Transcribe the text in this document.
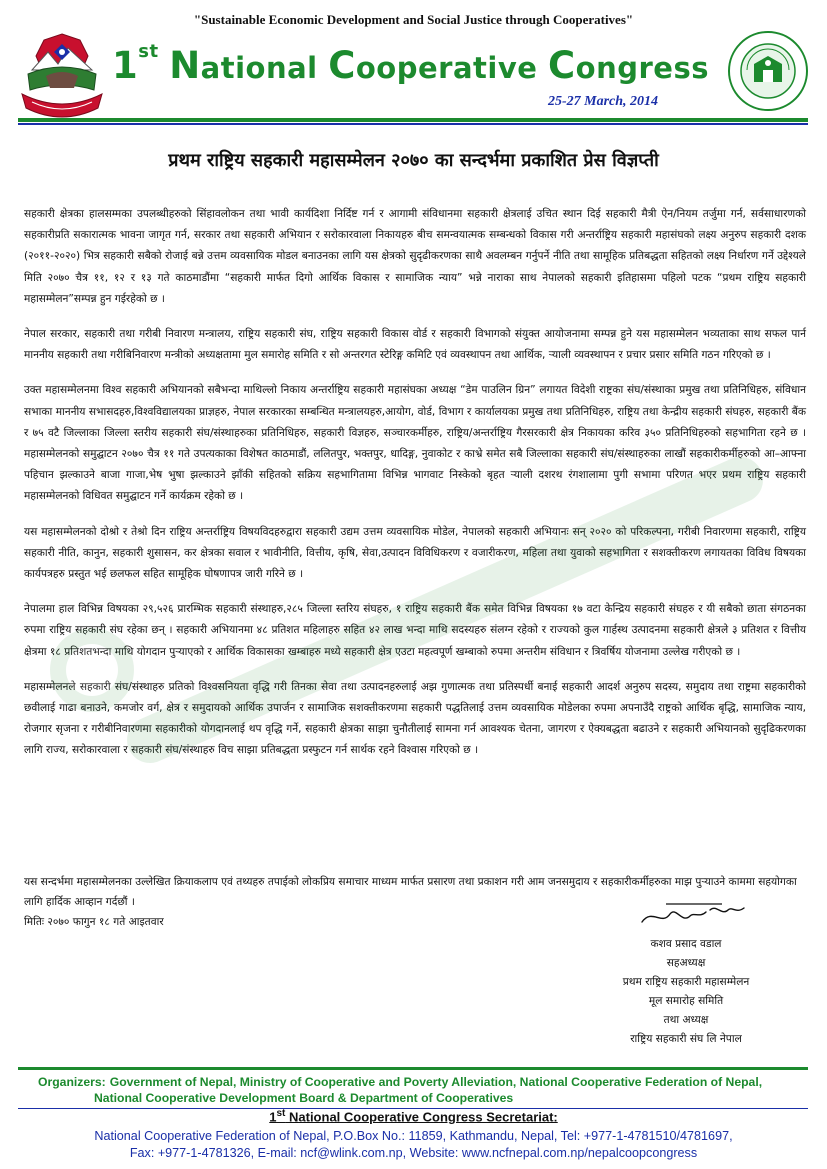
"Sustainable Economic Development and Social Justice through Cooperatives"
1st National Cooperative Congress
25-27 March, 2014
प्रथम राष्ट्रिय सहकारी महासम्मेलन २०७० का सन्दर्भमा प्रकाशित प्रेस विज्ञप्ती

सहकारी क्षेत्रका हालसम्मका उपलब्धीहरुको सिंहावलोकन तथा भावी कार्यदिशा निर्दिष्ट गर्न र आगामी संविधानमा सहकारी क्षेत्रलाई उचित स्थान दिई सहकारी मैत्री ऐन/नियम तर्जुमा गर्न, सर्वसाधारणको सहकारीप्रति सकारात्मक भावना जागृत गर्न, सरकार तथा सहकारी अभियान र सरोकारवाला निकायहरु बीच समन्वयात्मक सम्बन्धको विकास गरी अन्तर्राष्ट्रिय सहकारी महासंघको लक्ष्य अनुरुप सहकारी दशक (२०११-२०२०) भित्र सहकारी सबैको रोजाई बन्ने उत्तम व्यवसायिक मोडल बनाउनका लागि यस क्षेत्रको सुदृढीकरणका साथै अवलम्बन गर्नुपर्ने नीति तथा सामूहिक प्रतिबद्धता सहितको लक्ष्य निर्धारण गर्ने उद्देश्यले मिति २०७० चैत्र ११, १२ र १३ गते काठमाडौंमा “सहकारी मार्फत दिगो आर्थिक विकास र सामाजिक न्याय” भन्ने नाराका साथ नेपालको सहकारी इतिहासमा पहिलो पटक “प्रथम राष्ट्रिय सहकारी महासम्मेलन”सम्पन्न हुन गईरहेको छ ।

नेपाल सरकार, सहकारी तथा गरीबी निवारण मन्त्रालय, राष्ट्रिय सहकारी संघ, राष्ट्रिय सहकारी विकास वोर्ड र सहकारी विभागको संयुक्त आयोजनामा सम्पन्न हुने यस महासम्मेलन भव्यताका साथ सफल पार्न माननीय सहकारी तथा गरीबिनिवारण मन्त्रीको अध्यक्षतामा मुल समारोह समिति र सो अन्तरगत स्टेरिङ्ग कमिटि एवं व्यवस्थापन तथा आर्थिक, ऱ्याली व्यवस्थापन र प्रचार प्रसार समिति गठन गरिएको छ ।

उक्त महासम्मेलनमा विश्व सहकारी अभियानको सबैभन्दा माथिल्लो निकाय अन्तर्राष्ट्रिय सहकारी महासंघका अध्यक्ष “डेम पाउलिन ग्रिन” लगायत विदेशी राष्ट्रका संघ/संस्थाका प्रमुख तथा प्रतिनिधिहरु, संविधान सभाका माननीय सभासदहरु,विश्वविद्यालयका प्राज्ञहरु, नेपाल सरकारका सम्बन्धित मन्त्रालयहरु,आयोग, वोर्ड, विभाग र कार्यालयका प्रमुख तथा प्रतिनिधिहरु, राष्ट्रिय तथा केन्द्रीय सहकारी संघहरु, सहकारी बैंक र ७५ वटै जिल्लाका जिल्ला स्तरीय सहकारी संघ/संस्थाहरुका प्रतिनिधिहरु, सहकारी विज्ञहरु, सञ्चारकर्मीहरु, राष्ट्रिय/अन्तर्राष्ट्रिय गैरसरकारी क्षेत्र निकायका करिव ३५० प्रतिनिधिहरुको सहभागिता रहने छ । महासम्मेलनको समुद्घाटन २०७० चैत्र ११ गते उपत्यकाका विशेषत काठमाडौं, ललितपुर, भक्तपुर, धादिङ्ग, नुवाकोट र काभ्रे समेत सबै जिल्लाका सहकारी संघ/संस्थाहरुका लाखौं सहकारीकर्मीहरुको आ–आफ्ना पहिचान झल्काउने बाजा गाजा,भेष भुषा झल्काउने झाँकी सहितको सक्रिय सहभागितामा विभिन्न भागवाट निस्केको बृहत ऱ्याली दशरथ रंगशालामा पुगी सभामा परिणत भएर प्रथम राष्ट्रिय सहकारी महासम्मेलनको विधिवत समुद्घाटन गर्ने कार्यक्रम रहेको छ ।

यस महासम्मेलनको दोश्रो र तेश्रो दिन राष्ट्रिय अन्तर्राष्ट्रिय विषयविदहरुद्वारा सहकारी उद्यम उत्तम व्यवसायिक मोडेल, नेपालको सहकारी अभियानः सन् २०२० को परिकल्पना, गरीबी निवारणमा सहकारी, राष्ट्रिय सहकारी नीति, कानुन, सहकारी शुसासन, कर क्षेत्रका सवाल र भावीनीति, वित्तीय, कृषि, सेवा,उत्पादन विविधिकरण र वजारीकरण, महिला तथा युवाको सहभागिता र सशक्तीकरण लगायतका विविध विषयका कार्यपत्रहरु प्रस्तुत भई छलफल सहित सामूहिक घोषणापत्र जारी गरिने छ ।

नेपालमा हाल विभिन्न विषयका २९,५२६ प्रारम्भिक सहकारी संस्थाहरु,२८५ जिल्ला स्तरिय संघहरु, १ राष्ट्रिय सहकारी बैंक समेत विभिन्न विषयका १७ वटा केन्द्रिय सहकारी संघहरु र यी सबैको छाता संगठनका रुपमा राष्ट्रिय सहकारी संघ रहेका छन् । सहकारी अभियानमा ४८ प्रतिशत महिलाहरु सहित ४२ लाख भन्दा माथि सदस्यहरु संलग्न रहेको र राज्यको कुल गार्हस्थ उत्पादनमा सहकारी क्षेत्रले ३ प्रतिशत र वित्तीय क्षेत्रमा १८ प्रतिशतभन्दा माथि योगदान पुऱ्याएको र आर्थिक विकासका खम्बाहरु मध्ये सहकारी क्षेत्र एउटा महत्वपूर्ण खम्बाको रुपमा अन्तरीम संविधान र त्रिवर्षिय योजनामा उल्लेख गरीएको छ ।

महासम्मेलनले सहकारी संघ/संस्थाहरु प्रतिको विश्वसनियता वृद्धि गरी तिनका सेवा तथा उत्पादनहरुलाई अझ गुणात्मक तथा प्रतिस्पर्धी बनाई सहकारी आदर्श अनुरुप सदस्य, समुदाय तथा राष्ट्रमा सहकारीको छवीलाई गाढा बनाउने, कमजोर वर्ग, क्षेत्र र समुदायको आर्थिक उपार्जन र सामाजिक सशक्तीकरणमा सहकारी पद्धतिलाई उत्तम व्यवसायिक मोडेलका रुपमा अपनाउँदै राष्ट्रको आर्थिक बृद्धि, सामाजिक न्याय, रोजगार सृजना र गरीबीनिवारणमा सहकारीको योगदानलाई थप वृद्धि गर्ने, सहकारी क्षेत्रका साझा चुनौतीलाई सामना गर्न आवश्यक चेतना, जागरण र ऐक्यबद्धता बढाउने र सहकारी अभियानको सुदृढिकरणका लागि राज्य, सरोकारवाला र सहकारी संघ/संस्थाहरु विच साझा प्रतिबद्धता प्रस्फुटन गर्न सार्थक रहने विश्वास गरिएको छ ।

यस सन्दर्भमा महासम्मेलनका उल्लेखित क्रियाकलाप एवं तथ्यहरु तपाईको लोकप्रिय समाचार माध्यम मार्फत प्रसारण तथा प्रकाशन गरी आम जनसमुदाय र सहकारीकर्मीहरुका माझ पुऱ्याउने काममा सहयोगका लागि हार्दिक आव्हान गर्दछौं ।
मितिः २०७० फागुन १८ गते आइतवार
कशव प्रसाद वडाल
सहअध्यक्ष
प्रथम राष्ट्रिय सहकारी महासम्मेलन
मूल समारोह समिति
तथा अध्यक्ष
राष्ट्रिय सहकारी संघ लि नेपाल
Organizers: Government of Nepal, Ministry of Cooperative and Poverty Alleviation, National Cooperative Federation of Nepal,
National Cooperative Development Board & Department of Cooperatives
1st National Cooperative Congress Secretariat:
National Cooperative Federation of Nepal, P.O.Box No.: 11859, Kathmandu, Nepal, Tel: +977-1-4781510/4781697,
Fax: +977-1-4781326, E-mail: ncf@wlink.com.np, Website: www.ncfnepal.com.np/nepalcoopcongress
